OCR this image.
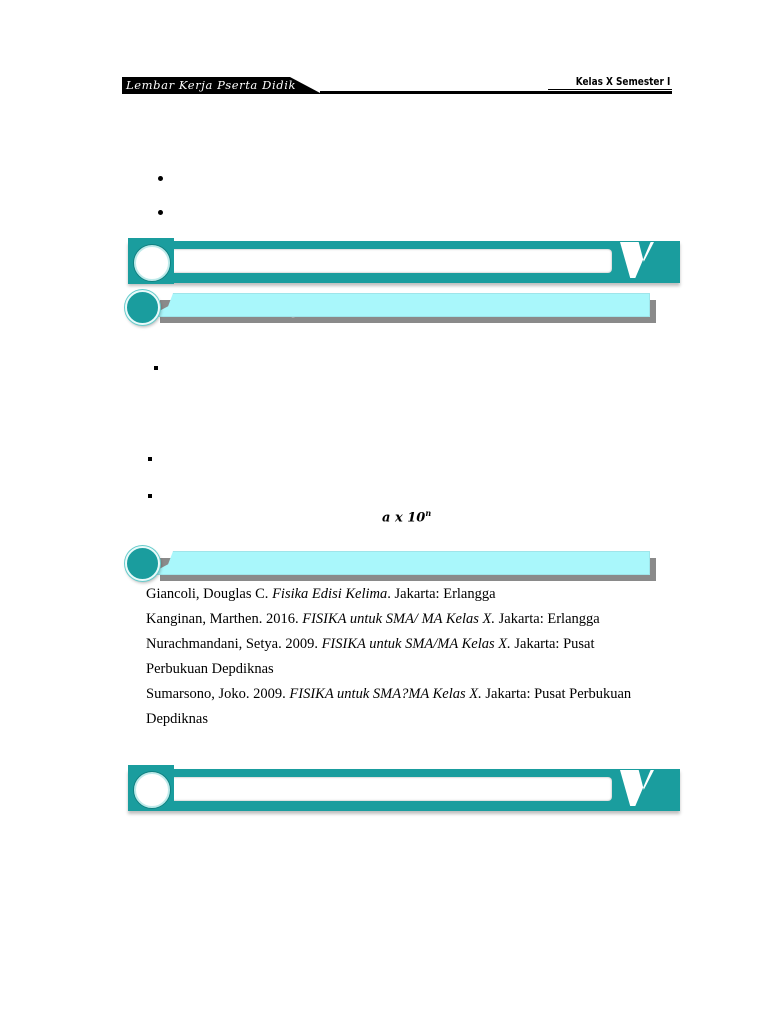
Lembar Kerja Pserta Didik	Kelas X Semester I
a x 10$^n$
Giancoli, Douglas C. Fisika Edisi Kelima. Jakarta: Erlangga
Kanginan, Marthen. 2016. FISIKA untuk SMA/ MA Kelas X. Jakarta: Erlangga
Nurachmandani, Setya. 2009. FISIKA untuk SMA/MA Kelas X. Jakarta: Pusat
Perbukuan Depdiknas
Sumarsono, Joko. 2009. FISIKA untuk SMA?MA Kelas X. Jakarta: Pusat Perbukuan
Depdiknas
